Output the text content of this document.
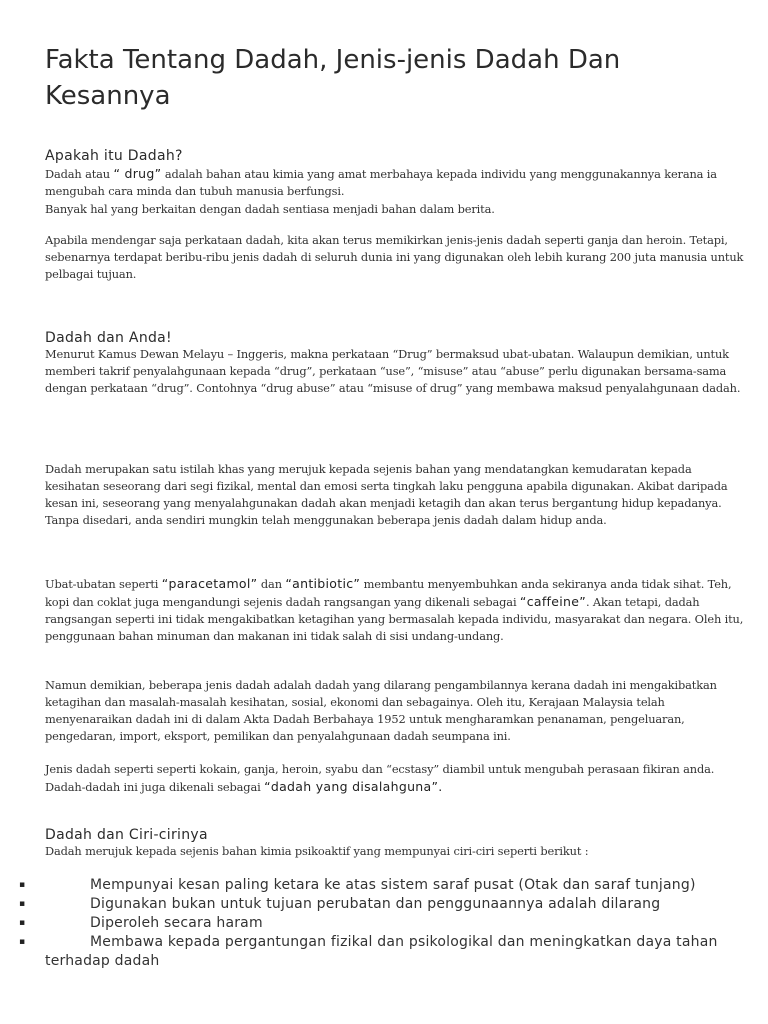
Fakta Tentang Dadah, Jenis-jenis Dadah Dan Kesannya
Apakah itu Dadah?

Dadah atau “ drug” adalah bahan atau kimia yang amat merbahaya kepada individu yang menggunakannya kerana ia mengubah cara minda dan tubuh manusia berfungsi.

Banyak hal yang berkaitan dengan dadah sentiasa menjadi bahan dalam berita.

Apabila mendengar saja perkataan dadah, kita akan terus memikirkan jenis-jenis dadah seperti ganja dan heroin. Tetapi, sebenarnya terdapat beribu-ribu jenis dadah di seluruh dunia ini yang digunakan oleh lebih kurang 200 juta manusia untuk pelbagai tujuan.

Dadah dan Anda!

Menurut Kamus Dewan Melayu – Inggeris, makna perkataan “Drug” bermaksud ubat-ubatan. Walaupun demikian, untuk memberi takrif penyalahgunaan kepada “drug”, perkataan “use”, “misuse” atau “abuse” perlu digunakan bersama-sama dengan perkataan “drug”. Contohnya “drug abuse” atau “misuse of drug” yang membawa maksud penyalahgunaan dadah.

Dadah merupakan satu istilah khas yang merujuk kepada sejenis bahan yang mendatangkan kemudaratan kepada kesihatan seseorang dari segi fizikal, mental dan emosi serta tingkah laku pengguna apabila digunakan. Akibat daripada kesan ini, seseorang yang menyalahgunakan dadah akan menjadi ketagih dan akan terus bergantung hidup kepadanya. Tanpa disedari, anda sendiri mungkin telah menggunakan beberapa jenis dadah dalam hidup anda.

Ubat-ubatan seperti “paracetamol” dan “antibiotic” membantu menyembuhkan anda sekiranya anda tidak sihat. Teh, kopi dan coklat juga mengandungi sejenis dadah rangsangan yang dikenali sebagai “caffeine”. Akan tetapi, dadah rangsangan seperti ini tidak mengakibatkan ketagihan yang bermasalah kepada individu, masyarakat dan negara. Oleh itu, penggunaan bahan minuman dan makanan ini tidak salah di sisi undang-undang.

Namun demikian, beberapa jenis dadah adalah dadah yang dilarang pengambilannya kerana dadah ini mengakibatkan ketagihan dan masalah-masalah kesihatan, sosial, ekonomi dan sebagainya. Oleh itu, Kerajaan Malaysia telah menyenaraikan dadah ini di dalam Akta Dadah Berbahaya 1952 untuk mengharamkan penanaman, pengeluaran, pengedaran, import, eksport, pemilikan dan penyalahgunaan dadah seumpana ini.

Jenis dadah seperti seperti kokain, ganja, heroin, syabu dan “ecstasy” diambil untuk mengubah perasaan fikiran anda. Dadah-dadah ini juga dikenali sebagai “dadah yang disalahguna”.

Dadah dan Ciri-cirinya

Dadah merujuk kepada sejenis bahan kimia psikoaktif yang mempunyai ciri-ciri seperti berikut :

▪	Mempunyai kesan paling ketara ke atas sistem saraf pusat (Otak dan saraf tunjang)
▪	Digunakan bukan untuk tujuan perubatan dan penggunaannya adalah dilarang
▪	Diperoleh secara haram
▪	Membawa kepada pergantungan fizikal dan psikologikal dan meningkatkan daya tahan terhadap dadah
